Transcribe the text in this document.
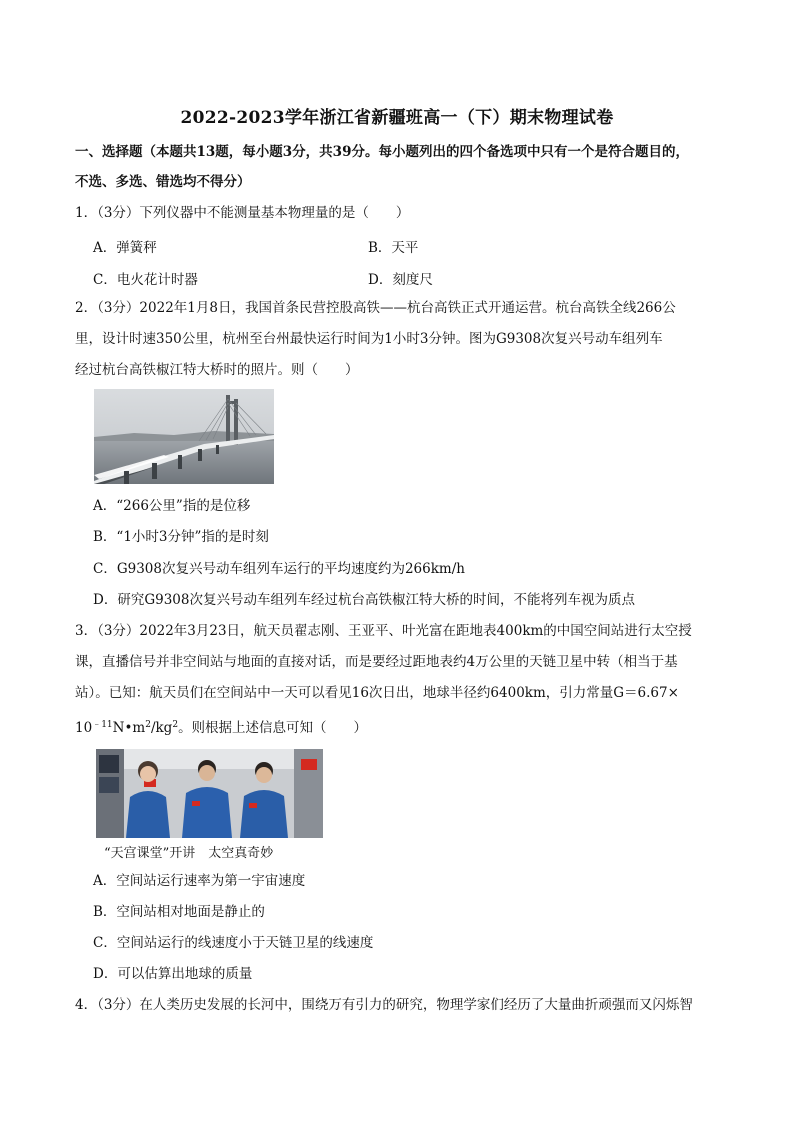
2022-2023学年浙江省新疆班高一（下）期末物理试卷
一、选择题（本题共13题，每小题3分，共39分。每小题列出的四个备选项中只有一个是符合题目的，
不选、多选、错选均不得分）
1．（3分）下列仪器中不能测量基本物理量的是（　　）
A．弹簧秤	B．天平
C．电火花计时器	D．刻度尺
2．（3分）2022年1月8日，我国首条民营控股高铁——杭台高铁正式开通运营。杭台高铁全线266公
里，设计时速350公里，杭州至台州最快运行时间为1小时3分钟。图为G9308次复兴号动车组列车
经过杭台高铁椒江特大桥时的照片。则（　　）
A．“266公里”指的是位移
B．“1小时3分钟”指的是时刻
C．G9308次复兴号动车组列车运行的平均速度约为266km/h
D．研究G9308次复兴号动车组列车经过杭台高铁椒江特大桥的时间，不能将列车视为质点
3．（3分）2022年3月23日，航天员翟志刚、王亚平、叶光富在距地表400km的中国空间站进行太空授
课，直播信号并非空间站与地面的直接对话，而是要经过距地表约4万公里的天链卫星中转（相当于基
站）。已知：航天员们在空间站中一天可以看见16次日出，地球半径约6400km，引力常量G＝6.67×
$10^{﹣11}N•m^2/kg^2$。则根据上述信息可知（　　）
“天宫课堂”开讲　太空真奇妙
A．空间站运行速率为第一宇宙速度
B．空间站相对地面是静止的
C．空间站运行的线速度小于天链卫星的线速度
D．可以估算出地球的质量
4．（3分）在人类历史发展的长河中，围绕万有引力的研究，物理学家们经历了大量曲折顽强而又闪烁智
